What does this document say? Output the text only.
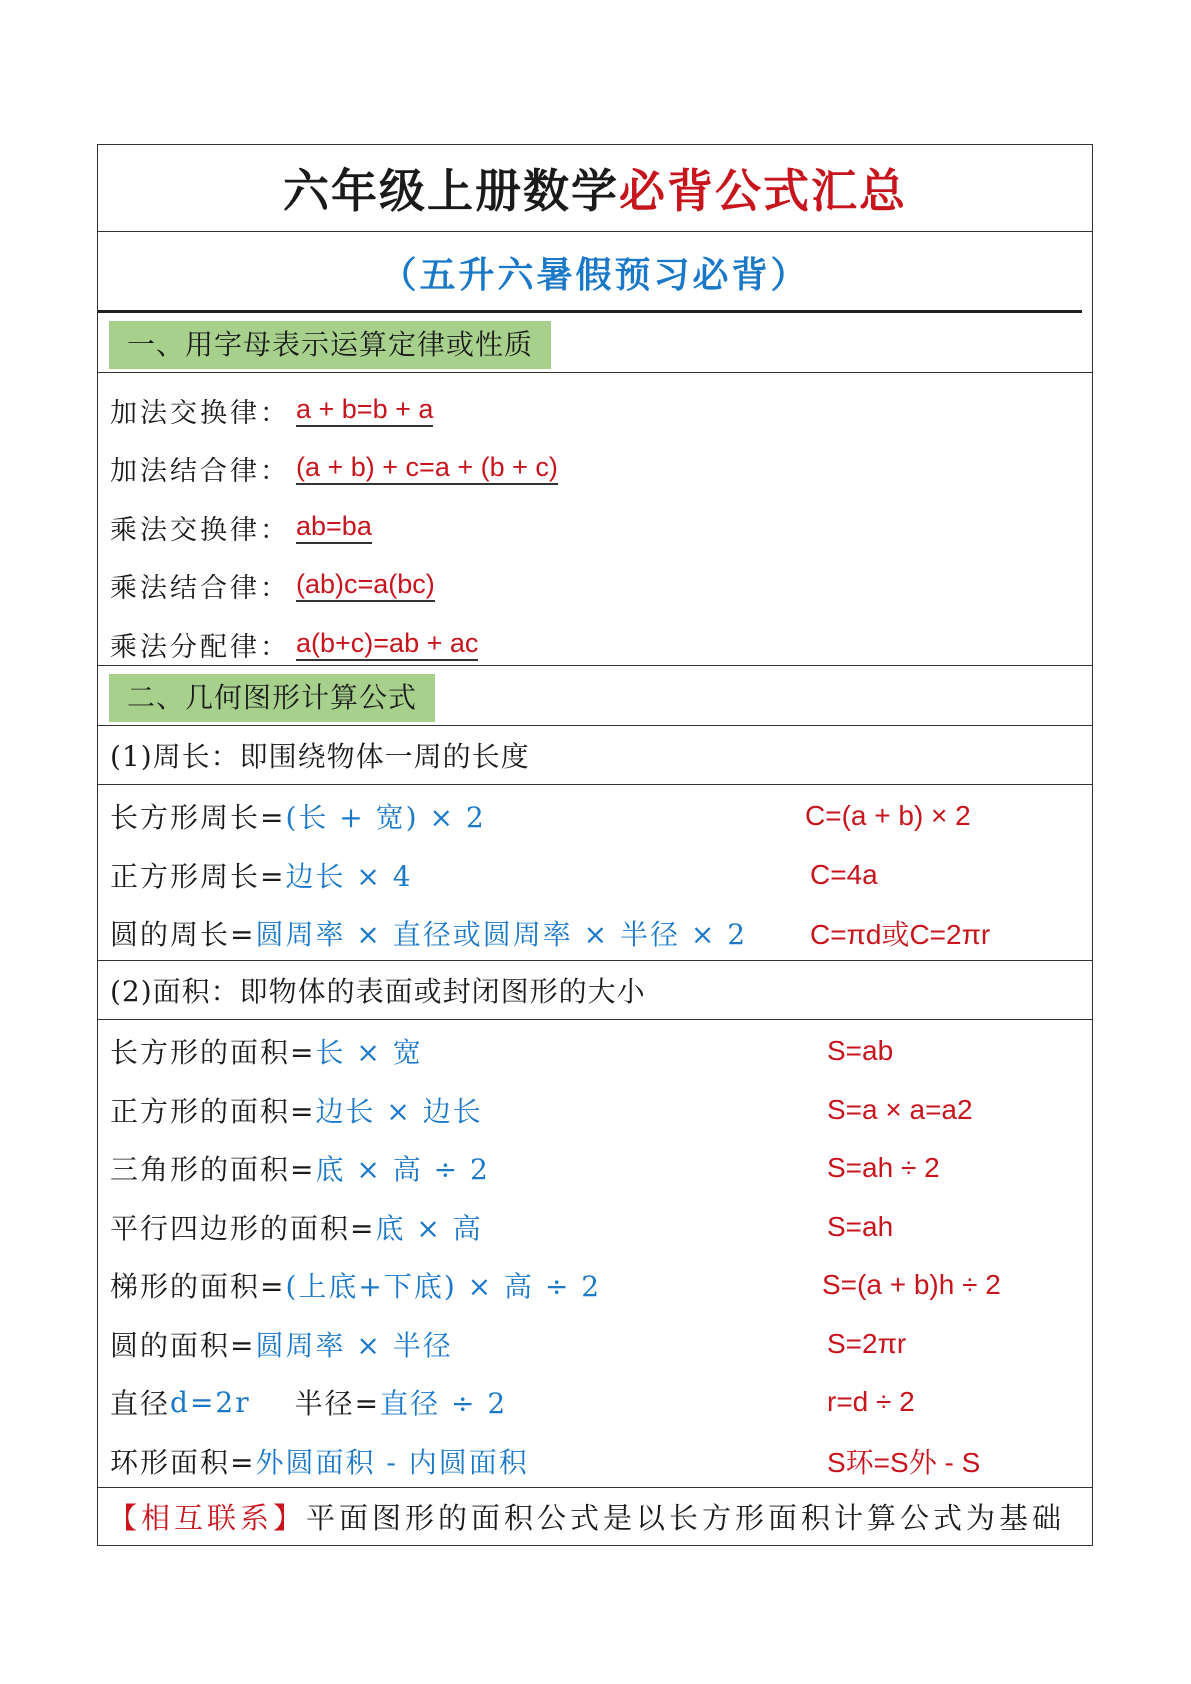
六年级上册数学必背公式汇总
（五升六暑假预习必背）
一、用字母表示运算定律或性质
加法交换律： a + b=b + a
加法结合律： (a + b) + c=a + (b + c)
乘法交换律： ab=ba
乘法结合律： (ab)c=a(bc)
乘法分配律： a(b+c)=ab + ac
二、几何图形计算公式
(1)周长：即围绕物体一周的长度
长方形周长= (长 + 宽) × 2	C=(a + b) × 2
正方形周长= 边长 × 4	C=4a
圆的周长= 圆周率 × 直径或圆周率 × 半径 × 2 C=πd或C=2πr
(2)面积：即物体的表面或封闭图形的大小
长方形的面积= 长 × 宽	S=ab
正方形的面积= 边长 × 边长	S=a × a=a2
三角形的面积= 底 × 高 ÷ 2	S=ah ÷ 2
平行四边形的面积= 底 × 高	S=ah
梯形的面积= (上底+下底) × 高 ÷ 2	S=(a + b)h ÷ 2
圆的面积= 圆周率 × 半径	S=2πr
直径 d=2r 半径= 直径 ÷ 2	r=d ÷ 2
环形面积= 外圆面积 - 内圆面积	S环=S外 - S
【相互联系】 平面图形的面积公式是以长方形面积计算公式为基础
